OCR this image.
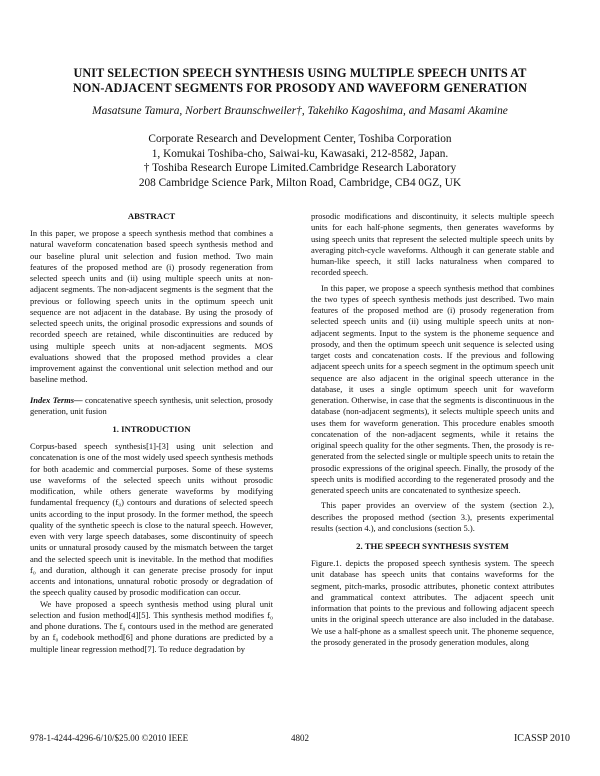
UNIT SELECTION SPEECH SYNTHESIS USING MULTIPLE SPEECH UNITS AT
NON-ADJACENT SEGMENTS FOR PROSODY AND WAVEFORM GENERATION
Masatsune Tamura, Norbert Braunschweiler†, Takehiko Kagoshima, and Masami Akamine
Corporate Research and Development Center, Toshiba Corporation
1, Komukai Toshiba-cho, Saiwai-ku, Kawasaki, 212-8582, Japan.
† Toshiba Research Europe Limited.Cambridge Research Laboratory
208 Cambridge Science Park, Milton Road, Cambridge, CB4 0GZ, UK
ABSTRACT

In this paper, we propose a speech synthesis method that combines a natural waveform concatenation based speech synthesis method and our baseline plural unit selection and fusion method. Two main features of the proposed method are (i) prosody regeneration from selected speech units and (ii) using multiple speech units at non-adjacent segments. The non-adjacent segments is the segment that the previous or following speech units in the optimum speech unit sequence are not adjacent in the database. By using the prosody of selected speech units, the original prosodic expressions and sounds of recorded speech are retained, while discontinuities are reduced by using multiple speech units at non-adjacent segments. MOS evaluations showed that the proposed method provides a clear improvement against the conventional unit selection method and our baseline method.

Index Terms— concatenative speech synthesis, unit selection, prosody generation, unit fusion

1. INTRODUCTION

Corpus-based speech synthesis[1]-[3] using unit selection and concatenation is one of the most widely used speech synthesis methods for both academic and commercial purposes. Some of these systems use waveforms of the selected speech units without prosodic modification, while others generate waveforms by modifying fundamental frequency (f₀) contours and durations of selected speech units according to the input prosody. In the former method, the speech quality of the synthetic speech is close to the natural speech. However, even with very large speech databases, some discontinuity of speech units or unnatural prosody caused by the mismatch between the target and the selected speech unit is inevitable. In the method that modifies f₀ and duration, although it can generate precise prosody for input accents and intonations, unnatural robotic prosody or degradation of the speech quality caused by prosodic modification can occur.

We have proposed a speech synthesis method using plural unit selection and fusion method[4][5]. This synthesis method modifies f₀ and phone durations. The f₀ contours used in the method are generated by an f₀ codebook method[6] and phone durations are predicted by a multiple linear regression method[7]. To reduce degradation by

prosodic modifications and discontinuity, it selects multiple speech units for each half-phone segments, then generates waveforms by using speech units that represent the selected multiple speech units by averaging pitch-cycle waveforms. Although it can generate stable and human-like speech, it still lacks naturalness when compared to recorded speech.

In this paper, we propose a speech synthesis method that combines the two types of speech synthesis methods just described. Two main features of the proposed method are (i) prosody regeneration from selected speech units and (ii) using multiple speech units at non-adjacent segments. Input to the system is the phoneme sequence and prosody, and then the optimum speech unit sequence is selected using target costs and concatenation costs. If the previous and following adjacent speech units for a speech segment in the optimum speech unit sequence are also adjacent in the original speech utterance in the database, it uses a single optimum speech unit for waveform generation. Otherwise, in case that the segments is discontinuous in the database (non-adjacent segments), it selects multiple speech units and uses them for waveform generation. This procedure enables smooth concatenation of the non-adjacent segments, while it retains the original speech quality for the other segments. Then, the prosody is re-generated from the selected single or multiple speech units to retain the prosodic expressions of the original speech. Finally, the prosody of the speech units is modified according to the regenerated prosody and the generated speech units are concatenated to synthesize speech.

This paper provides an overview of the system (section 2.), describes the proposed method (section 3.), presents experimental results (section 4.), and conclusions (section 5.).

2. THE SPEECH SYNTHESIS SYSTEM

Figure.1. depicts the proposed speech synthesis system. The speech unit database has speech units that contains waveforms for the segment, pitch-marks, prosodic attributes, phonetic context attributes and grammatical context attributes. The adjacent speech unit information that points to the previous and following adjacent speech units in the original speech utterance are also included in the database. We use a half-phone as a smallest speech unit. The phoneme sequence, the prosody generated in the prosody generation modules, along

978-1-4244-4296-6/10/$25.00 ©2010 IEEE	4802	ICASSP 2010
